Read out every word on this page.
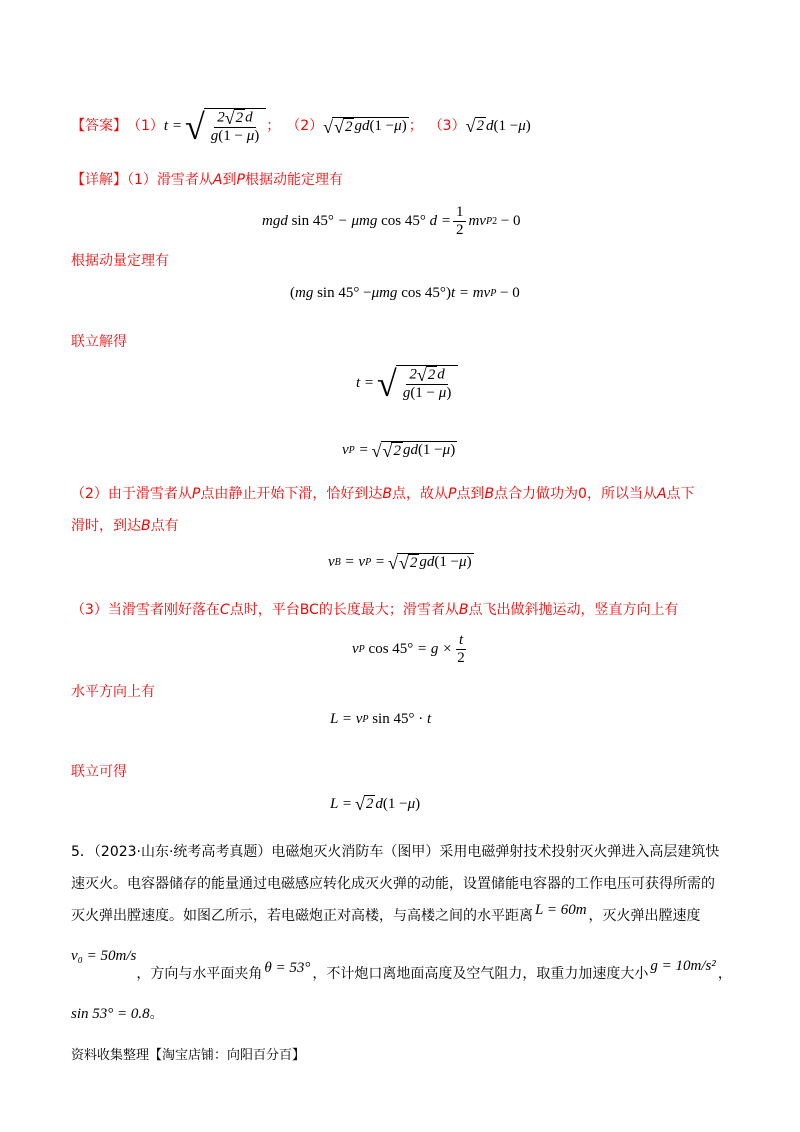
【答案】 （1） t = √ $\frac{2 √ 2 d}{g(1 - \mu)}$ ； （2） √ √ 2 gd (1 − μ ) ； （3） √ 2 d (1 − μ )
【详解】（1）滑雪者从A到P根据动能定理有
mgd sin 45° − μmg cos 45° $d = \frac{1}{2}$ mv P 2 − 0
根据动量定理有
( mg sin 45° − μmg cos 45° ) t = mv P − 0
联立解得
t = √ $\frac{2 √ 2 d}{g(1 - \mu)}$
v P = √ √ 2 gd (1 − μ )
（2）由于滑雪者从P点由静止开始下滑，恰好到达B点，故从P点到B点合力做功为0，所以当从A点下
滑时，到达B点有
v B = v P = √ √ 2 gd (1 − μ )
（3）当滑雪者刚好落在C点时，平台BC的长度最大；滑雪者从B点飞出做斜抛运动，竖直方向上有
v P $\cos 45^\circ = g \times \frac{t}{2}$
水平方向上有
L = v P sin 45° · t
联立可得
L = √ 2 d (1 − μ )
5．（2023·山东·统考高考真题）电磁炮灭火消防车（图甲）采用电磁弹射技术投射灭火弹进入高层建筑快
速灭火。电容器储存的能量通过电磁感应转化成灭火弹的动能，设置储能电容器的工作电压可获得所需的
灭火弹出膛速度。如图乙所示，若电磁炮正对高楼，与高楼之间的水平距离 L = 60m ，灭火弹出膛速度
v₀ = 50m/s
，方向与水平面夹角 θ = 53° ，不计炮口离地面高度及空气阻力，取重力加速度大小 g = 10m/s² ，
sin 53° = 0.8 。
资料收集整理【淘宝店铺：向阳百分百】
